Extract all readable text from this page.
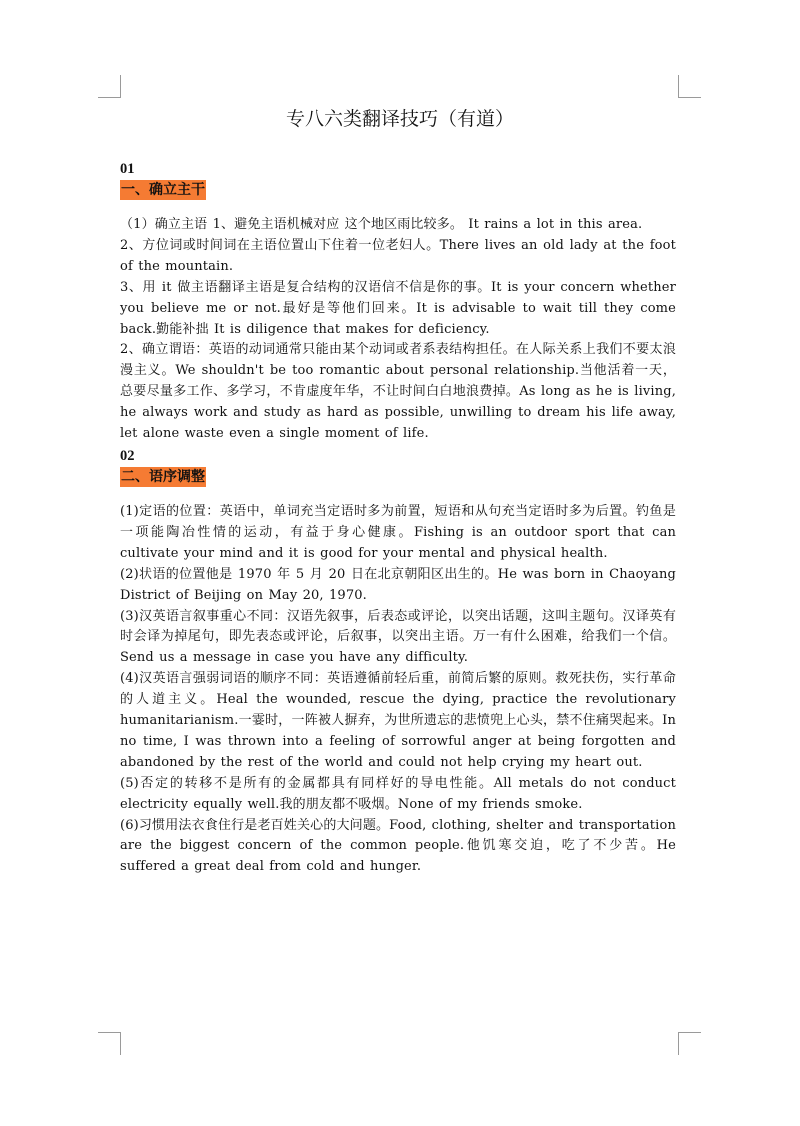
专八六类翻译技巧（有道）

01

一、确立主干

（1）确立主语 1、避免主语机械对应 这个地区雨比较多。 It rains a lot in this area.

2、方位词或时间词在主语位置山下住着一位老妇人。There lives an old lady at the foot of the mountain.

3、用 it 做主语翻译主语是复合结构的汉语信不信是你的事。It is your concern whether you believe me or not.最好是等他们回来。It is advisable to wait till they come back.勤能补拙 It is diligence that makes for deficiency.

2、确立谓语：英语的动词通常只能由某个动词或者系表结构担任。在人际关系上我们不要太浪漫主义。We shouldn't be too romantic about personal relationship.当他活着一天，总要尽量多工作、多学习，不肯虚度年华，不让时间白白地浪费掉。As long as he is living, he always work and study as hard as possible, unwilling to dream his life away, let alone waste even a single moment of life.

02

二、语序调整

(1)定语的位置：英语中，单词充当定语时多为前置，短语和从句充当定语时多为后置。钓鱼是一项能陶冶性情的运动，有益于身心健康。Fishing is an outdoor sport that can cultivate your mind and it is good for your mental and physical health.

(2)状语的位置他是 1970 年 5 月 20 日在北京朝阳区出生的。He was born in Chaoyang District of Beijing on May 20, 1970.

(3)汉英语言叙事重心不同：汉语先叙事，后表态或评论，以突出话题，这叫主题句。汉译英有时会译为掉尾句，即先表态或评论，后叙事，以突出主语。万一有什么困难，给我们一个信。Send us a message in case you have any difficulty.

(4)汉英语言强弱词语的顺序不同：英语遵循前轻后重，前简后繁的原则。救死扶伤，实行革命的人道主义。Heal the wounded, rescue the dying, practice the revolutionary humanitarianism.一霎时，一阵被人摒弃，为世所遗忘的悲愤兜上心头，禁不住痛哭起来。In no time, I was thrown into a feeling of sorrowful anger at being forgotten and abandoned by the rest of the world and could not help crying my heart out.

(5)否定的转移不是所有的金属都具有同样好的导电性能。All metals do not conduct electricity equally well.我的朋友都不吸烟。None of my friends smoke.

(6)习惯用法衣食住行是老百姓关心的大问题。Food, clothing, shelter and transportation are the biggest concern of the common people.他饥寒交迫，吃了不少苦。He suffered a great deal from cold and hunger.
